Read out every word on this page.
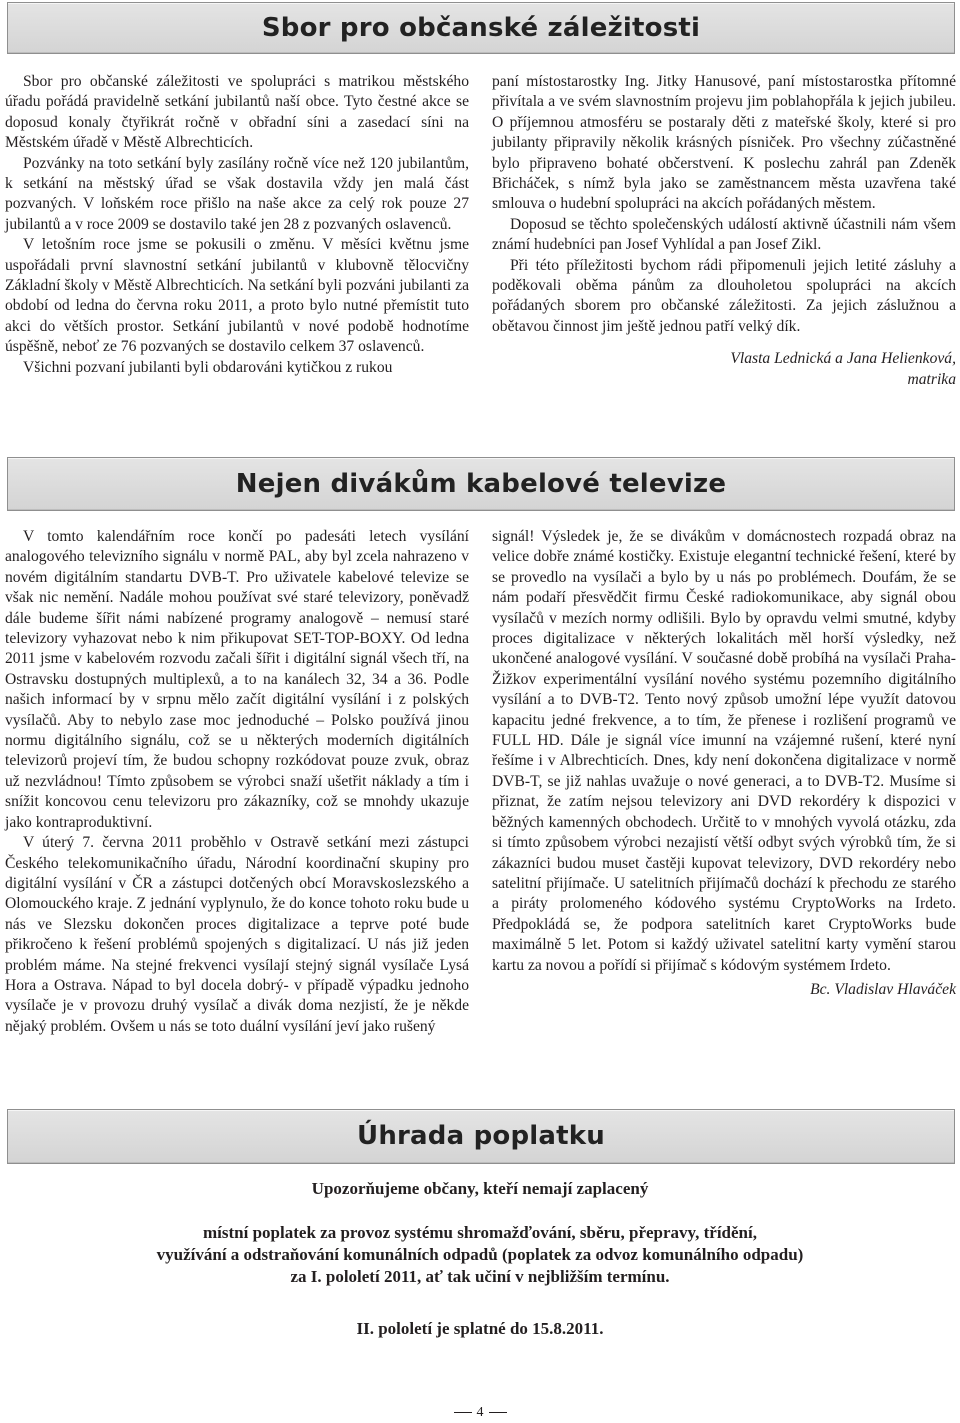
Sbor pro občanské záležitosti

Sbor pro občanské záležitosti ve spolupráci s matrikou městského úřadu pořádá pravidelně setkání jubilantů naší obce. Tyto čestné akce se doposud konaly čtyřikrát ročně v obřadní síni a zasedací síni na Městském úřadě v Městě Albrechticích.

Pozvánky na toto setkání byly zasílány ročně více než 120 jubilantům, k setkání na městský úřad se však dostavila vždy jen malá část pozvaných. V loňském roce přišlo na naše akce za celý rok pouze 27 jubilantů a v roce 2009 se dostavilo také jen 28 z pozvaných oslavenců.

V letošním roce jsme se pokusili o změnu. V měsíci květnu jsme uspořádali první slavnostní setkání jubilantů v klubovně tělocvičny Základní školy v Městě Albrechticích. Na setkání byli pozváni jubilanti za období od ledna do června roku 2011, a proto bylo nutné přemístit tuto akci do větších prostor. Setkání jubilantů v nové podobě hodnotíme úspěšně, neboť ze 76 pozvaných se dostavilo celkem 37 oslavenců.

Všichni pozvaní jubilanti byli obdarováni kytičkou z rukou

paní místostarostky Ing. Jitky Hanusové, paní místostarostka přítomné přivítala a ve svém slavnostním projevu jim poblahopřála k jejich jubileu. O příjemnou atmosféru se postaraly děti z mateřské školy, které si pro jubilanty připravily několik krásných písniček. Pro všechny zúčastněné bylo připraveno bohaté občerstvení. K poslechu zahrál pan Zdeněk Břicháček, s nímž byla jako se zaměstnancem města uzavřena také smlouva o hudební spolupráci na akcích pořádaných městem.

Doposud se těchto společenských událostí aktivně účastnili nám všem známí hudebníci pan Josef Vyhlídal a pan Josef Zikl.

Při této příležitosti bychom rádi připomenuli jejich letité zásluhy a poděkovali oběma pánům za dlouholetou spolupráci na akcích pořádaných sborem pro občanské záležitosti. Za jejich záslužnou a obětavou činnost jim ještě jednou patří velký dík.

Vlasta Lednická a Jana Helienková,
matrika
Nejen divákům kabelové televize

V tomto kalendářním roce končí po padesáti letech vysílání analogového televizního signálu v normě PAL, aby byl zcela nahrazeno v novém digitálním standartu DVB-T. Pro uživatele kabelové televize se však nic nemění. Nadále mohou používat své staré televizory, poněvadž dále budeme šířit námi nabízené programy analogově – nemusí staré televizory vyhazovat nebo k nim přikupovat SET-TOP-BOXY. Od ledna 2011 jsme v kabelovém rozvodu začali šířit i digitální signál všech tří, na Ostravsku dostupných multiplexů, a to na kanálech 32, 34 a 36. Podle našich informací by v srpnu mělo začít digitální vysílání i z polských vysílačů. Aby to nebylo zase moc jednoduché – Polsko používá jinou normu digitálního signálu, což se u některých moderních digitálních televizorů projeví tím, že budou schopny rozkódovat pouze zvuk, obraz už nezvládnou! Tímto způsobem se výrobci snaží ušetřit náklady a tím i snížit koncovou cenu televizoru pro zákazníky, což se mnohdy ukazuje jako kontraproduktivní.

V úterý 7. června 2011 proběhlo v Ostravě setkání mezi zástupci Českého telekomunikačního úřadu, Národní koordinační skupiny pro digitální vysílání v ČR a zástupci dotčených obcí Moravskoslezského a Olomouckého kraje. Z jednání vyplynulo, že do konce tohoto roku bude u nás ve Slezsku dokončen proces digitalizace a teprve poté bude přikročeno k řešení problémů spojených s digitalizací. U nás již jeden problém máme. Na stejné frekvenci vysílají stejný signál vysílače Lysá Hora a Ostrava. Nápad to byl docela dobrý- v případě výpadku jednoho vysílače je v provozu druhý vysílač a divák doma nezjistí, že je někde nějaký problém. Ovšem u nás se toto duální vysílání jeví jako rušený

signál! Výsledek je, že se divákům v domácnostech rozpadá obraz na velice dobře známé kostičky. Existuje elegantní technické řešení, které by se provedlo na vysílači a bylo by u nás po problémech. Doufám, že se nám podaří přesvědčit firmu České radiokomunikace, aby signál obou vysílačů v mezích normy odlišili. Bylo by opravdu velmi smutné, kdyby proces digitalizace v některých lokalitách měl horší výsledky, než ukončené analogové vysílání. V současné době probíhá na vysílači Praha-Žižkov experimentální vysílání nového systému pozemního digitálního vysílání a to DVB-T2. Tento nový způsob umožní lépe využít datovou kapacitu jedné frekvence, a to tím, že přenese i rozlišení programů ve FULL HD. Dále je signál více imunní na vzájemné rušení, které nyní řešíme i v Albrechticích. Dnes, kdy není dokončena digitalizace v normě DVB-T, se již nahlas uvažuje o nové generaci, a to DVB-T2. Musíme si přiznat, že zatím nejsou televizory ani DVD rekordéry k dispozici v běžných kamenných obchodech. Určitě to v mnohých vyvolá otázku, zda si tímto způsobem výrobci nezajistí větší odbyt svých výrobků tím, že si zákazníci budou muset častěji kupovat televizory, DVD rekordéry nebo satelitní přijímače. U satelitních přijímačů dochází k přechodu ze starého a piráty prolomeného kódového systému CryptoWorks na Irdeto. Předpokládá se, že podpora satelitních karet CryptoWorks bude maximálně 5 let. Potom si každý uživatel satelitní karty vymění starou kartu za novou a pořídí si přijímač s kódovým systémem Irdeto.

Bc. Vladislav Hlaváček
Úhrada poplatku
Upozorňujeme občany, kteří nemají zaplacený
místní poplatek za provoz systému shromažďování, sběru, přepravy, třídění,
využívání a odstraňování komunálních odpadů (poplatek za odvoz komunálního odpadu)
za I. pololetí 2011, ať tak učiní v nejbližším termínu.
II. pololetí je splatné do 15.8.2011.
4
